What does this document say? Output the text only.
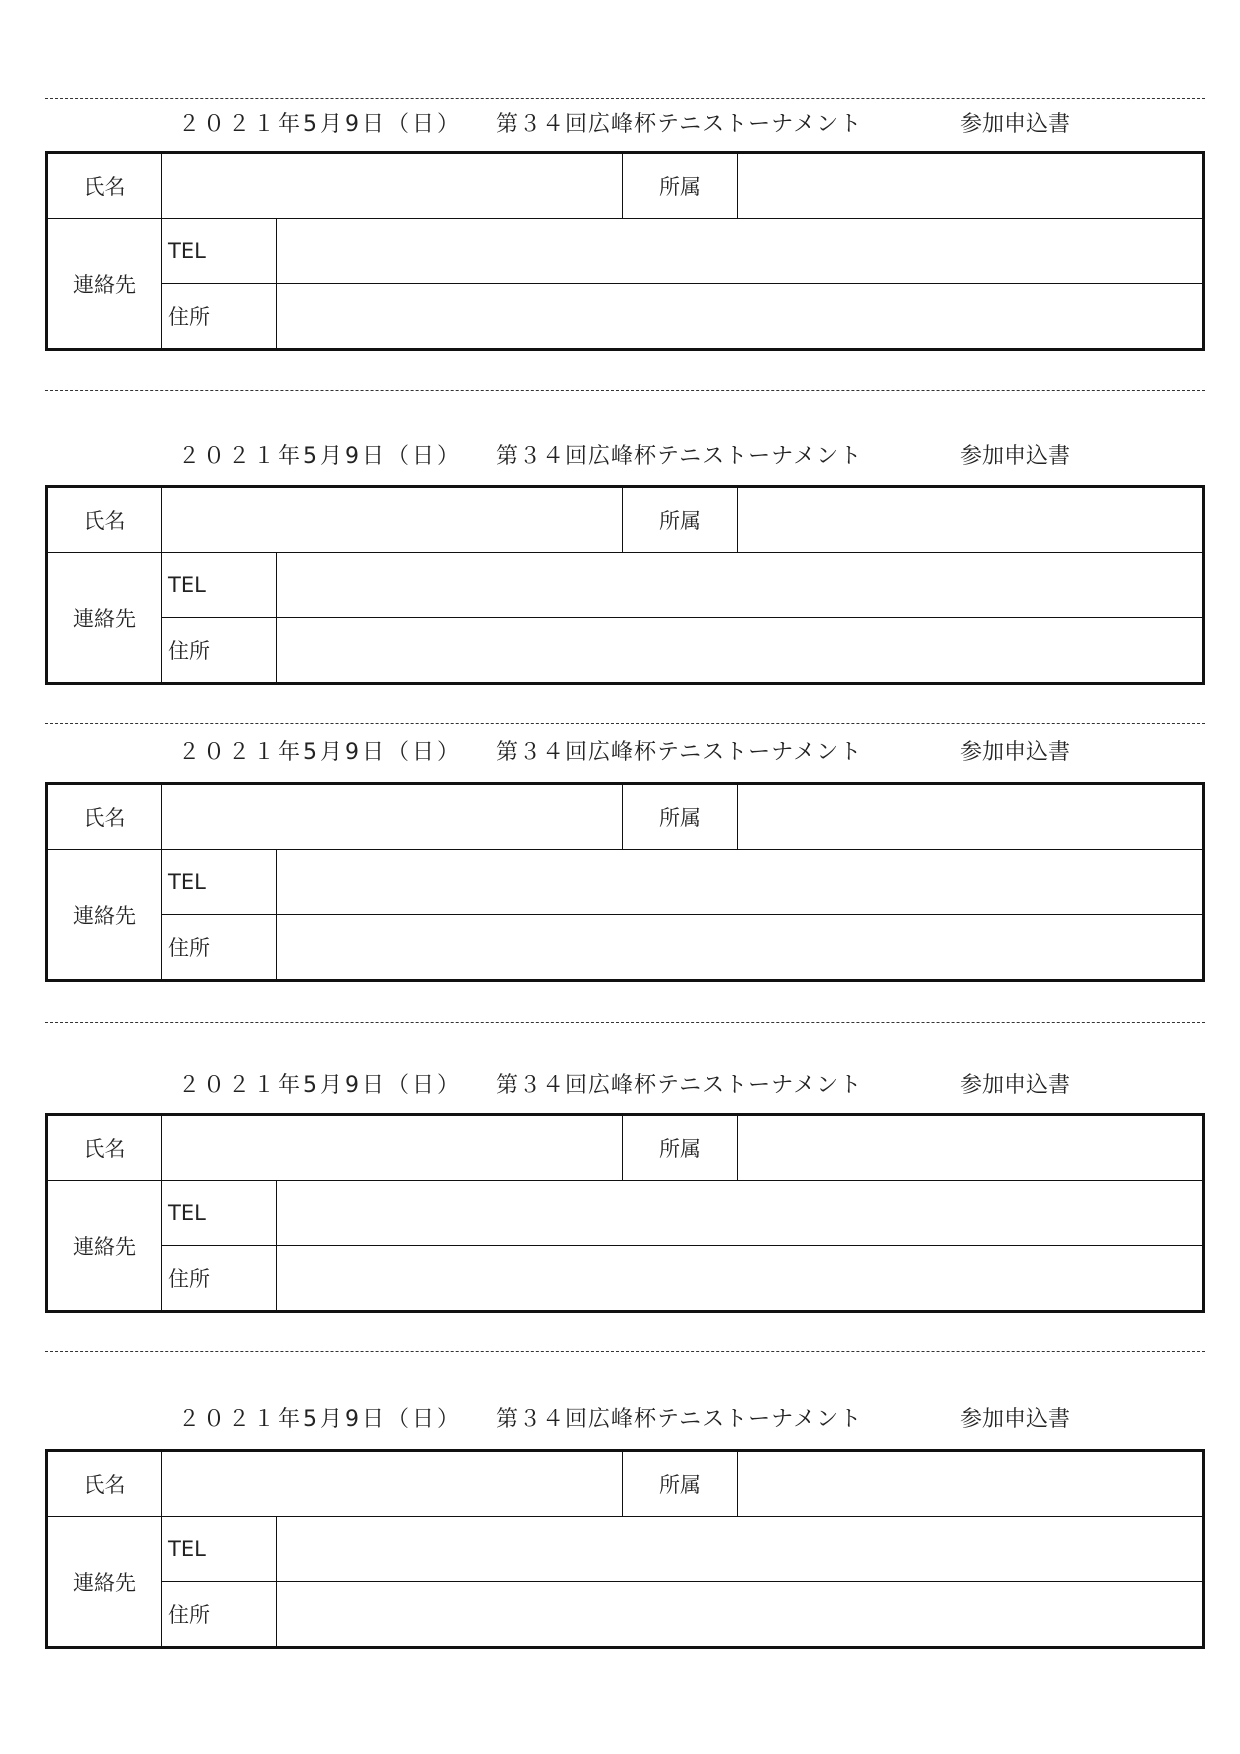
２０２１年5月9日（日） 第３４回広峰杯テニストーナメント	参加申込書
氏名			所属	
連絡先	TEL			
	住所			
２０２１年5月9日（日） 第３４回広峰杯テニストーナメント	参加申込書
氏名			所属	
連絡先	TEL			
	住所			
２０２１年5月9日（日） 第３４回広峰杯テニストーナメント	参加申込書
氏名			所属	
連絡先	TEL			
	住所			
２０２１年5月9日（日） 第３４回広峰杯テニストーナメント	参加申込書
氏名			所属	
連絡先	TEL			
	住所			
２０２１年5月9日（日） 第３４回広峰杯テニストーナメント	参加申込書
氏名			所属	
連絡先	TEL			
	住所			
